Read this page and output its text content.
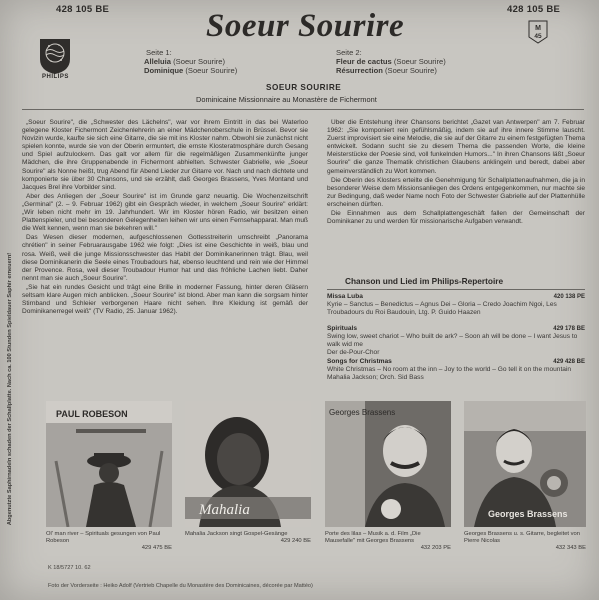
Abgenutzte Saphirnadeln schaden der Schallplatte. Nach ca. 100 Stunden Spieldauer Saphir erneuern!
428 105 BE	428 105 BE
PHILIPS
M
45
Soeur Sourire
Seite 1:
Alleluia (Soeur Sourire)
Dominique (Soeur Sourire)
Seite 2:
Fleur de cactus (Soeur Sourire)
Résurrection (Soeur Sourire)
SOEUR SOURIRE
Dominicaine Missionnaire au Monastère de Fichermont

„Soeur Sourire", die „Schwester des Lächelns", war vor ihrem Eintritt in das bei Waterloo gelegene Kloster Fichermont Zeichenlehrerin an einer Mädchenoberschule in Brüssel. Bevor sie Novizin wurde, kaufte sie sich eine Gitarre, die sie mit ins Kloster nahm. Obwohl sie zunächst nicht spielen konnte, wurde sie von der Oberin ermuntert, die ernste Klosteratmosphäre durch Gesang und Spiel aufzulockern. Das galt vor allem für die regelmäßigen Zusammenkünfte junger Mädchen, die ihre Gruppenabende in Fichermont abhielten. Schwester Gabrielle, wie „Soeur Sourire" als Nonne heißt, trug Abend für Abend Lieder zur Gitarre vor. Nach und nach dichtete und komponierte sie über 30 Chansons, und sie erzählt, daß Georges Brassens, Yves Montand und Jacques Brel ihre Vorbilder sind.

Aber des Anliegen der „Soeur Sourire" ist im Grunde ganz neuartig. Die Wochenzeitschrift „Germinal" (2. – 9. Februar 1962) gibt ein Gespräch wieder, in welchem „Soeur Sourire" erklärt: „Wir leben nicht mehr im 19. Jahrhundert. Wir im Kloster hören Radio, wir besitzen einen Plattenspieler, und bei besonderen Gelegenheiten leihen wir uns einen Fernsehapparat. Man muß die Welt kennen, wenn man sie bekehren will."

Das Wesen dieser modernen, aufgeschlossenen Gottesstreiterin umschreibt „Panorama chrétien" in seiner Februarausgabe 1962 wie folgt: „Dies ist eine Geschichte in weiß, blau und rosa. Weiß, weil die junge Missionsschwester das Habit der Dominikanerinnen trägt. Blau, weil diese Dominikanerin die Seele eines Troubadours hat, ebenso leuchtend und rein wie der Himmel der Provence. Rosa, weil dieser Troubadour Humor hat und das fröhliche Lachen liebt. Daher nennt man sie auch „Soeur Sourire".

„Sie hat ein rundes Gesicht und trägt eine Brille in moderner Fassung, hinter deren Gläsern seltsam klare Augen mich anblicken. „Soeur Sourire" ist blond. Aber man kann die sorgsam hinter Stirnband und Schleier verborgenen Haare nicht sehen. Ihre Kleidung ist gemäß der Dominikanerregel weiß" (TV Radio, 25. Januar 1962).

Über die Entstehung ihrer Chansons berichtet „Gazet van Antwerpen" am 7. Februar 1962: „Sie komponiert rein gefühlsmäßig, indem sie auf ihre innere Stimme lauscht. Zuerst improvisiert sie eine Melodie, die sie auf der Gitarre zu einem festgefügten Thema entwickelt. Sodann sucht sie zu diesem Thema die passenden Worte, die kleine Meisterstücke der Poesie sind, voll funkelnden Humors..." In ihren Chansons läßt „Soeur Sourire" die ganze Thematik christlichen Glaubens anklingeln und beredt, dabei aber gemeinverständlich zu Wort kommen.

Die Oberin des Klosters erteilte die Genehmigung für Schallplattenaufnahmen, die ja in besonderer Weise dem Missionsanliegen des Ordens entgegenkommen, nur machte sie zur Bedingung, daß weder Name noch Foto der Schwester Gabrielle auf der Plattenhülle erscheinen dürften.

Die Einnahmen aus dem Schallplattengeschäft fallen der Gemeinschaft der Dominikaner zu und werden für missionarische Aufgaben verwandt.

Chanson und Lied im Philips-Repertoire
Missa Luba	420 138 PE
Kyrie – Sanctus – Benedictus – Agnus Dei – Gloria – Credo Joachim Ngoi, Les Troubadours du Roi Baudouin, Ltg. P. Guido Haazen
Spirituals	429 178 BE
Swing low, sweet chariot – Who built de ark? – Soon ah will be done – I want Jesus to walk wid me
Der de-Pour-Chor
Songs for Christmas	429 428 BE
White Christmas – No room at the inn – Joy to the world – Go tell it on the mountain
Mahalia Jackson; Orch. Sid Bass
PAUL ROBESON
Ol' man river – Spirituals gesungen von Paul Robeson

429 475 BE
Mahalia
Mahalia Jackson singt Gospel-Gesänge

429 240 BE
Georges Brassens
Porte des lilas – Musik a. d. Film „Die Mausefalle" mit Georges Brassens

432 203 PE
Georges Brassens
Georges Brassens u. s. Gitarre, begleitet von Pierre Nicolas

432 343 BE
K 18/5727 10. 62
Foto der Vorderseite : Heiko Adolf (Vertrieb Chapelle du Monastère des Dominicaines, décorée par Mattéo)
